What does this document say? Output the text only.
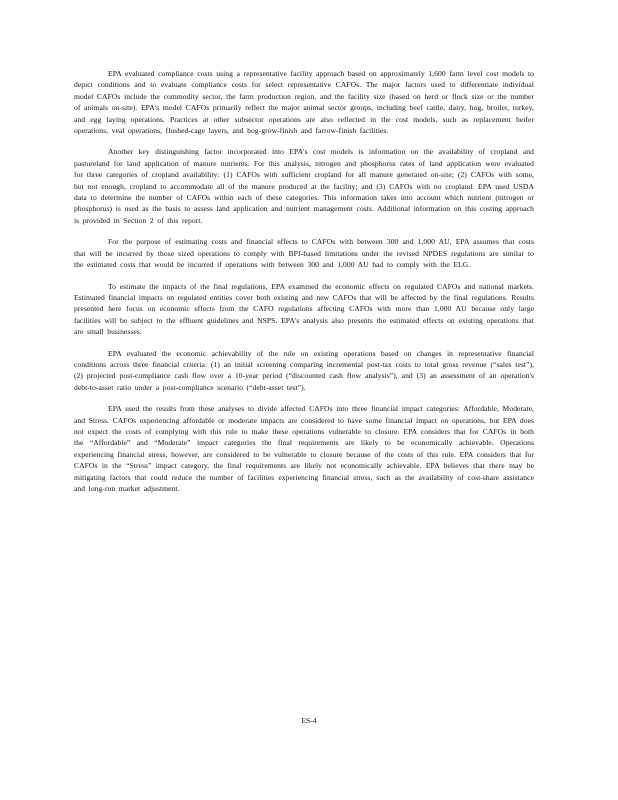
EPA evaluated compliance costs using a representative facility approach based on approximately 1,600 farm level cost models to depict conditions and to evaluate compliance costs for select representative CAFOs. The major factors used to differentiate individual model CAFOs include the commodity sector, the farm production region, and the facility size (based on herd or flock size or the number of animals on-site). EPA's model CAFOs primarily reflect the major animal sector groups, including beef cattle, dairy, hog, broiler, turkey, and egg laying operations. Practices at other subsector operations are also reflected in the cost models, such as replacement heifer operations, veal operations, flushed-cage layers, and hog-grow-finish and farrow-finish facilities.

Another key distinguishing factor incorporated into EPA's cost models is information on the availability of cropland and pastureland for land application of manure nutrients. For this analysis, nitrogen and phosphorus rates of land application were evaluated for three categories of cropland availability: (1) CAFOs with sufficient cropland for all manure generated on-site; (2) CAFOs with some, but not enough, cropland to accommodate all of the manure produced at the facility; and (3) CAFOs with no cropland. EPA used USDA data to determine the number of CAFOs within each of these categories. This information takes into account which nutrient (nitrogen or phosphorus) is used as the basis to assess land application and nutrient management costs. Additional information on this costing approach is provided in Section 2 of this report.

For the purpose of estimating costs and financial effects to CAFOs with between 300 and 1,000 AU, EPA assumes that costs that will be incurred by those sized operations to comply with BPJ-based limitations under the revised NPDES regulations are similar to the estimated costs that would be incurred if operations with between 300 and 1,000 AU had to comply with the ELG.

To estimate the impacts of the final regulations, EPA examined the economic effects on regulated CAFOs and national markets. Estimated financial impacts on regulated entities cover both existing and new CAFOs that will be affected by the final regulations. Results presented here focus on economic effects from the CAFO regulations affecting CAFOs with more than 1,000 AU because only large facilities will be subject to the effluent guidelines and NSPS. EPA's analysis also presents the estimated effects on existing operations that are small businesses.

EPA evaluated the economic achievability of the rule on existing operations based on changes in representative financial conditions across three financial criteria: (1) an initial screening comparing incremental post-tax costs to total gross revenue (“sales test”), (2) projected post-compliance cash flow over a 10-year period (“discounted cash flow analysis”), and (3) an assessment of an operation's debt-to-asset ratio under a post-compliance scenario (“debt-asset test”).

EPA used the results from these analyses to divide affected CAFOs into three financial impact categories: Affordable, Moderate, and Stress. CAFOs experiencing affordable or moderate impacts are considered to have some financial impact on operations, but EPA does not expect the costs of complying with this rule to make these operations vulnerable to closure. EPA considers that for CAFOs in both the “Affordable” and “Moderate” impact categories the final requirements are likely to be economically achievable. Operations experiencing financial stress, however, are considered to be vulnerable to closure because of the costs of this rule. EPA considers that for CAFOs in the “Stress” impact category, the final requirements are likely not economically achievable. EPA believes that there may be mitigating factors that could reduce the number of facilities experiencing financial stress, such as the availability of cost-share assistance and long-run market adjustment.

ES-4
